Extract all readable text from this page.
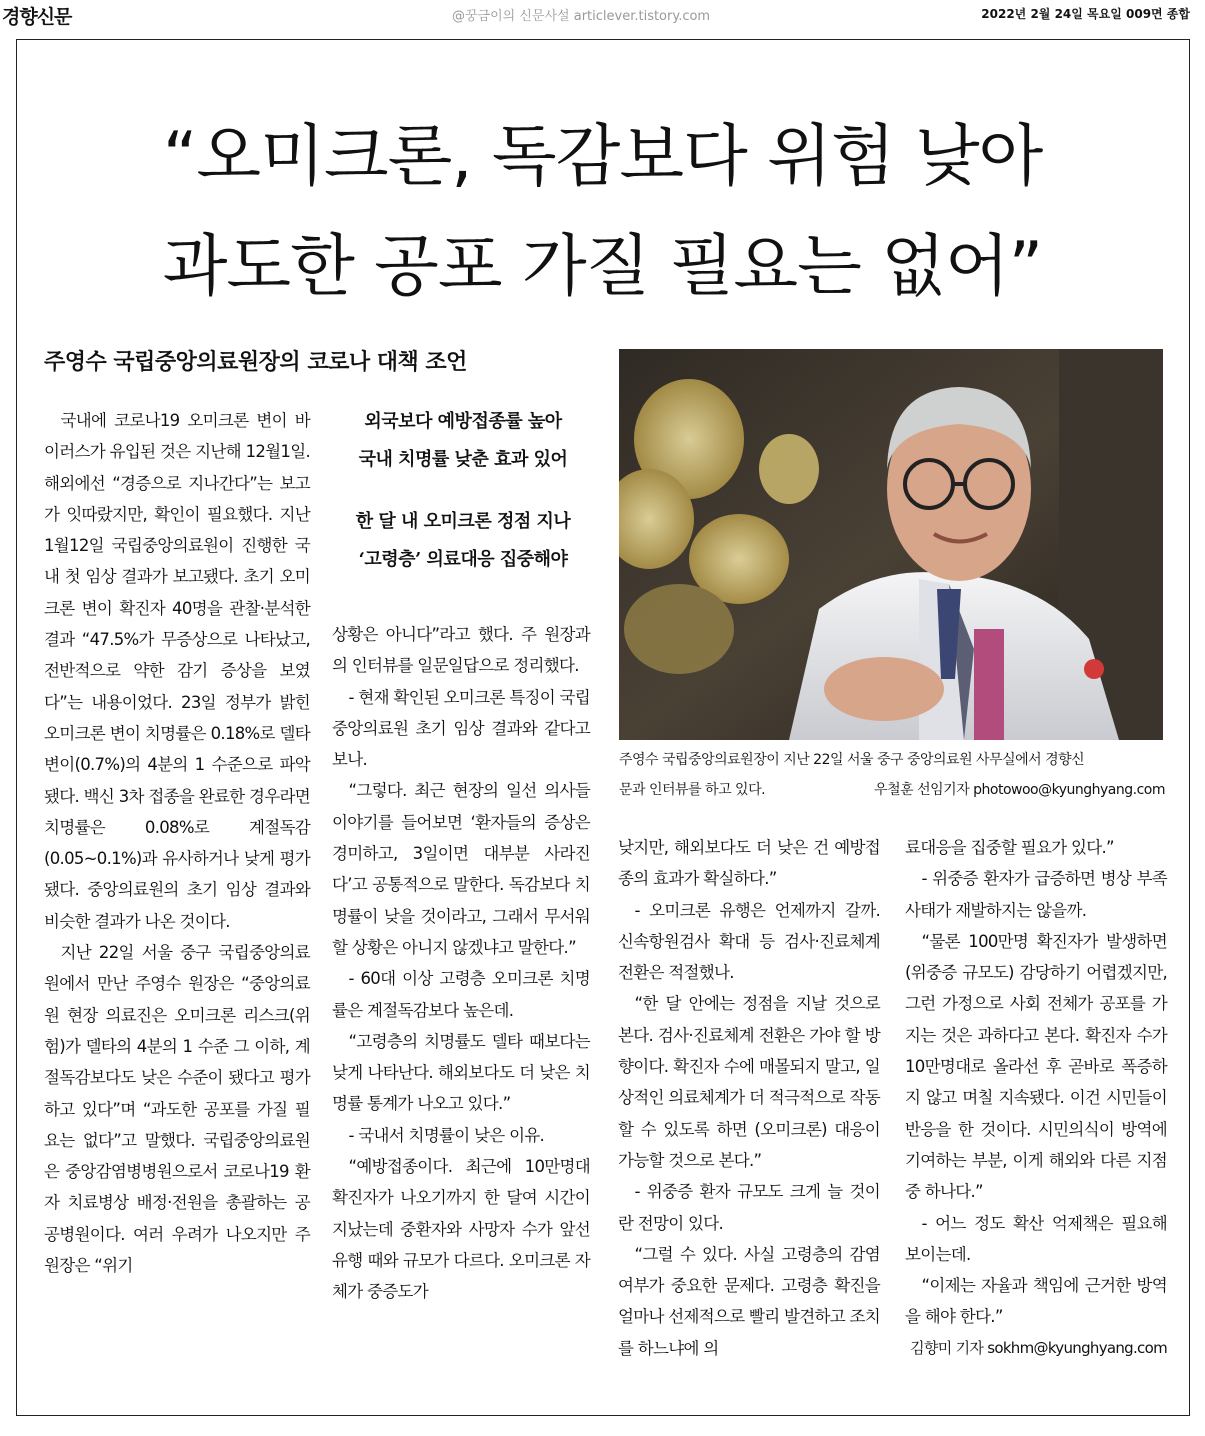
경향신문	@꿍금이의 신문사설 articlever.tistory.com	2022년 2월 24일 목요일 009면 종합
“오미크론, 독감보다 위험 낮아
과도한 공포 가질 필요는 없어”
주영수 국립중앙의료원장의 코로나 대책 조언

국내에 코로나19 오미크론 변이 바이러스가 유입된 것은 지난해 12월1일. 해외에선 “경증으로 지나간다”는 보고가 잇따랐지만, 확인이 필요했다. 지난 1월12일 국립중앙의료원이 진행한 국내 첫 임상 결과가 보고됐다. 초기 오미크론 변이 확진자 40명을 관찰·분석한 결과 “47.5%가 무증상으로 나타났고, 전반적으로 약한 감기 증상을 보였다”는 내용이었다. 23일 정부가 밝힌 오미크론 변이 치명률은 0.18%로 델타 변이(0.7%)의 4분의 1 수준으로 파악됐다. 백신 3차 접종을 완료한 경우라면 치명률은 0.08%로 계절독감(0.05~0.1%)과 유사하거나 낮게 평가됐다. 중앙의료원의 초기 임상 결과와 비슷한 결과가 나온 것이다.

지난 22일 서울 중구 국립중앙의료원에서 만난 주영수 원장은 “중앙의료원 현장 의료진은 오미크론 리스크(위험)가 델타의 4분의 1 수준 그 이하, 계절독감보다도 낮은 수준이 됐다고 평가하고 있다”며 “과도한 공포를 가질 필요는 없다”고 말했다. 국립중앙의료원은 중앙감염병병원으로서 코로나19 환자 치료병상 배정·전원을 총괄하는 공공병원이다. 여러 우려가 나오지만 주 원장은 “위기

외국보다 예방접종률 높아
국내 치명률 낮춘 효과 있어
한 달 내 오미크론 정점 지나
‘고령층’ 의료대응 집중해야

상황은 아니다”라고 했다. 주 원장과의 인터뷰를 일문일답으로 정리했다.

- 현재 확인된 오미크론 특징이 국립중앙의료원 초기 임상 결과와 같다고 보나.

“그렇다. 최근 현장의 일선 의사들 이야기를 들어보면 ‘환자들의 증상은 경미하고, 3일이면 대부분 사라진다’고 공통적으로 말한다. 독감보다 치명률이 낮을 것이라고, 그래서 무서워할 상황은 아니지 않겠냐고 말한다.”

- 60대 이상 고령층 오미크론 치명률은 계절독감보다 높은데.

“고령층의 치명률도 델타 때보다는 낮게 나타난다. 해외보다도 더 낮은 치명률 통계가 나오고 있다.”

- 국내서 치명률이 낮은 이유.

“예방접종이다. 최근에 10만명대 확진자가 나오기까지 한 달여 시간이 지났는데 중환자와 사망자 수가 앞선 유행 때와 규모가 다르다. 오미크론 자체가 중증도가

주영수 국립중앙의료원장이 지난 22일 서울 중구 중앙의료원 사무실에서 경향신
문과 인터뷰를 하고 있다.	우철훈 선임기자 photowoo@kyunghyang.com

낮지만, 해외보다도 더 낮은 건 예방접종의 효과가 확실하다.”

- 오미크론 유행은 언제까지 갈까. 신속항원검사 확대 등 검사·진료체계 전환은 적절했나.

“한 달 안에는 정점을 지날 것으로 본다. 검사·진료체계 전환은 가야 할 방향이다. 확진자 수에 매몰되지 말고, 일상적인 의료체계가 더 적극적으로 작동할 수 있도록 하면 (오미크론) 대응이 가능할 것으로 본다.”

- 위중증 환자 규모도 크게 늘 것이란 전망이 있다.

“그럴 수 있다. 사실 고령층의 감염 여부가 중요한 문제다. 고령층 확진을 얼마나 선제적으로 빨리 발견하고 조치를 하느냐에 의

료대응을 집중할 필요가 있다.”

- 위중증 환자가 급증하면 병상 부족 사태가 재발하지는 않을까.

“물론 100만명 확진자가 발생하면 (위중증 규모도) 감당하기 어렵겠지만, 그런 가정으로 사회 전체가 공포를 가지는 것은 과하다고 본다. 확진자 수가 10만명대로 올라선 후 곧바로 폭증하지 않고 며칠 지속됐다. 이건 시민들이 반응을 한 것이다. 시민의식이 방역에 기여하는 부분, 이게 해외와 다른 지점 중 하나다.”

- 어느 정도 확산 억제책은 필요해 보이는데.

“이제는 자율과 책임에 근거한 방역을 해야 한다.”

김향미 기자 sokhm@kyunghyang.com
